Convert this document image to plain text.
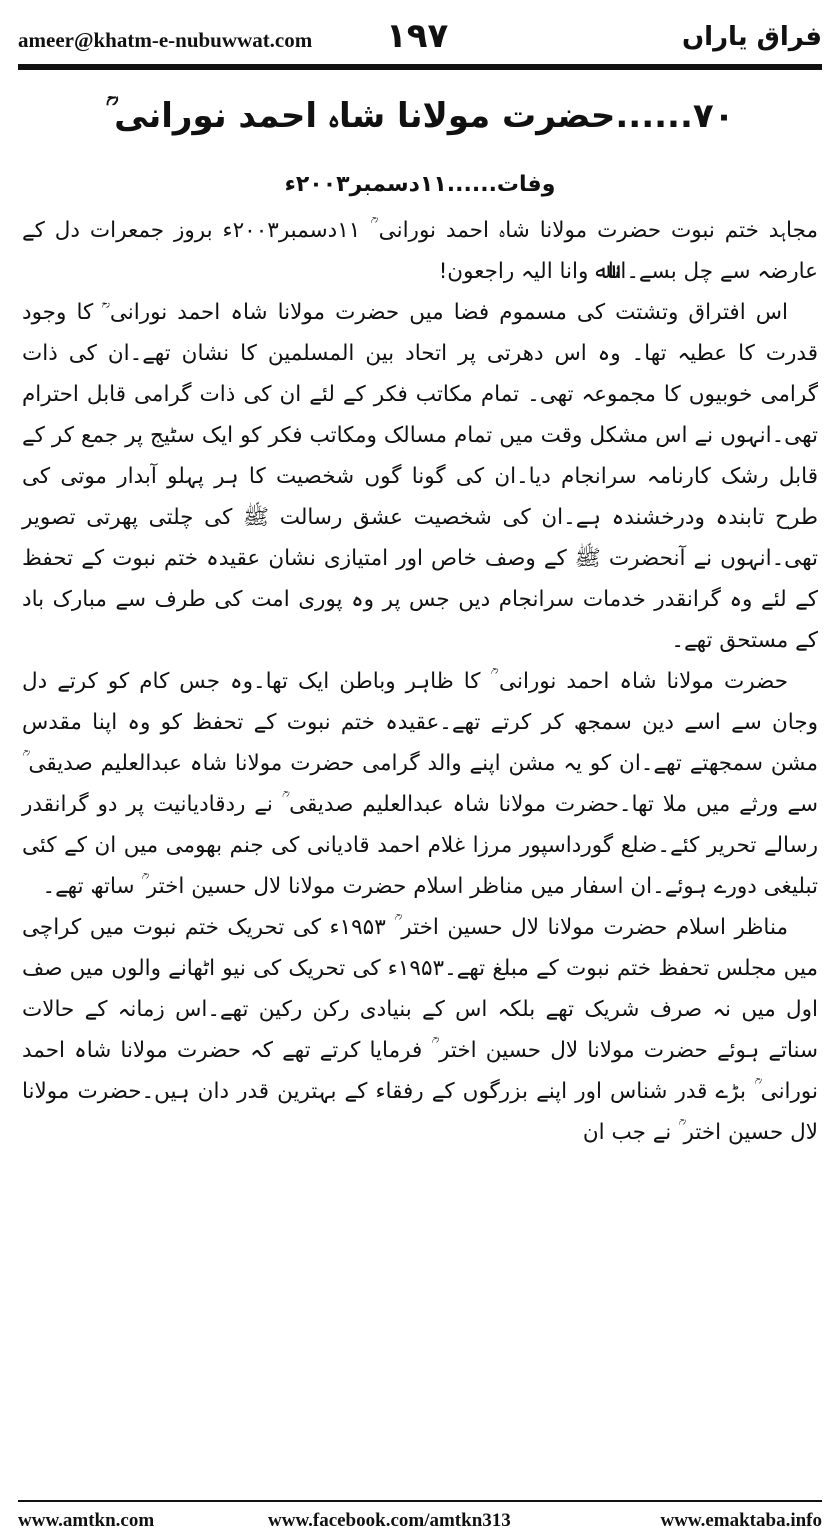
ameer@khatm-e-nubuwwat.com ۱۹۷	فراق یاراں
۷۰......حضرت مولانا شاہ احمد نورانی ؒ
وفات......۱۱دسمبر۲۰۰۳ء

مجاہد ختم نبوت حضرت مولانا شاہ احمد نورانی ؒ ۱۱دسمبر۲۰۰۳ء بروز جمعرات دل کے عارضہ سے چل بسے۔اناﷲ وانا الیہ راجعون!

اس افتراق وتشتت کی مسموم فضا میں حضرت مولانا شاہ احمد نورانی ؒ کا وجود قدرت کا عطیہ تھا۔ وہ اس دھرتی پر اتحاد بین المسلمین کا نشان تھے۔ان کی ذات گرامی خوبیوں کا مجموعہ تھی۔ تمام مکاتب فکر کے لئے ان کی ذات گرامی قابل احترام تھی۔انہوں نے اس مشکل وقت میں تمام مسالک ومکاتب فکر کو ایک سٹیج پر جمع کر کے قابل رشک کارنامہ سرانجام دیا۔ان کی گونا گوں شخصیت کا ہر پہلو آبدار موتی کی طرح تابندہ ودرخشندہ ہے۔ان کی شخصیت عشق رسالت ﷺ کی چلتی پھرتی تصویر تھی۔انہوں نے آنحضرت ﷺ کے وصف خاص اور امتیازی نشان عقیدہ ختم نبوت کے تحفظ کے لئے وہ گرانقدر خدمات سرانجام دیں جس پر وہ پوری امت کی طرف سے مبارک باد کے مستحق تھے۔

حضرت مولانا شاہ احمد نورانی ؒ کا ظاہر وباطن ایک تھا۔وہ جس کام کو کرتے دل وجان سے اسے دین سمجھ کر کرتے تھے۔عقیدہ ختم نبوت کے تحفظ کو وہ اپنا مقدس مشن سمجھتے تھے۔ان کو یہ مشن اپنے والد گرامی حضرت مولانا شاہ عبدالعلیم صدیقی ؒ سے ورثے میں ملا تھا۔حضرت مولانا شاہ عبدالعلیم صدیقی ؒ نے ردقادیانیت پر دو گرانقدر رسالے تحریر کئے۔ضلع گورداسپور مرزا غلام احمد قادیانی کی جنم بھومی میں ان کے کئی تبلیغی دورے ہوئے۔ان اسفار میں مناظر اسلام حضرت مولانا لال حسین اختر ؒ ساتھ تھے۔

مناظر اسلام حضرت مولانا لال حسین اختر ؒ ۱۹۵۳ء کی تحریک ختم نبوت میں کراچی میں مجلس تحفظ ختم نبوت کے مبلغ تھے۔۱۹۵۳ء کی تحریک کی نیو اٹھانے والوں میں صف اول میں نہ صرف شریک تھے بلکہ اس کے بنیادی رکن رکین تھے۔اس زمانہ کے حالات سناتے ہوئے حضرت مولانا لال حسین اختر ؒ فرمایا کرتے تھے کہ حضرت مولانا شاہ احمد نورانی ؒ بڑے قدر شناس اور اپنے بزرگوں کے رفقاء کے بہترین قدر دان ہیں۔حضرت مولانا لال حسین اختر ؒ نے جب ان

www.amtkn.com	www.facebook.com/amtkn313	www.emaktaba.info
